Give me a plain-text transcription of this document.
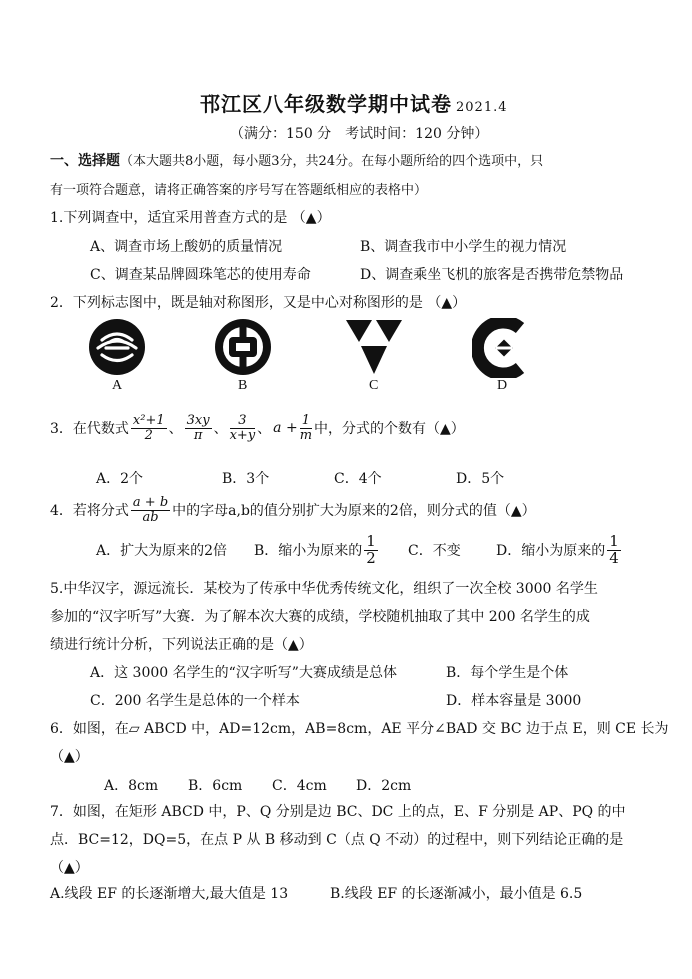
邗江区八年级数学期中试卷 2021.4
（满分：150 分　考试时间：120 分钟）
一、选择题（本大题共8小题，每小题3分，共24分。在每小题所给的四个选项中，只
有一项符合题意，请将正确答案的序号写在答题纸相应的表格中）
1.下列调查中，适宜采用普查方式的是 （▲）
A、调查市场上酸奶的质量情况	B、调查我市中小学生的视力情况
C、调查某品牌圆珠笔芯的使用寿命	D、调查乘坐飞机的旅客是否携带危禁物品
2．下列标志图中，既是轴对称图形，又是中心对称图形的是 （▲）
A	B	C	D
3．在代数式 $\frac{\text{x²+1}}{2}$ 、 $\frac{3xy}{\pi}$ 、 $\frac{3}{x+y}$ 、 $a + \frac{1}{m}$ 中，分式的个数有（▲）
A．2个	B．3个	C．4个	D．5个
4．若将分式 $\frac{a + b}{ab}$ 中的字母a,b的值分别扩大为原来的2倍，则分式的值（▲）
A．扩大为原来的2倍 B．缩小为原来的 $\frac{1}{2}$ C．不变	D．缩小为原来的 $\frac{1}{4}$
5.中华汉字，源远流长．某校为了传承中华优秀传统文化，组织了一次全校 3000 名学生
参加的“汉字听写”大赛．为了解本次大赛的成绩，学校随机抽取了其中 200 名学生的成
绩进行统计分析，下列说法正确的是（▲）
A．这 3000 名学生的“汉字听写”大赛成绩是总体	B．每个学生是个体
C．200 名学生是总体的一个样本	D．样本容量是 3000
6．如图，在▱ ABCD 中，AD=12cm，AB=8cm，AE 平分∠BAD 交 BC 边于点 E，则 CE 长为
（▲）
A．8cm B．6cm C．4cm D．2cm
7．如图，在矩形 ABCD 中，P、Q 分别是边 BC、DC 上的点，E、F 分别是 AP、PQ 的中
点．BC=12，DQ=5，在点 P 从 B 移动到 C（点 Q 不动）的过程中，则下列结论正确的是
（▲）
A.线段 EF 的长逐渐增大,最大值是 13	B.线段 EF 的长逐渐减小，最小值是 6.5
